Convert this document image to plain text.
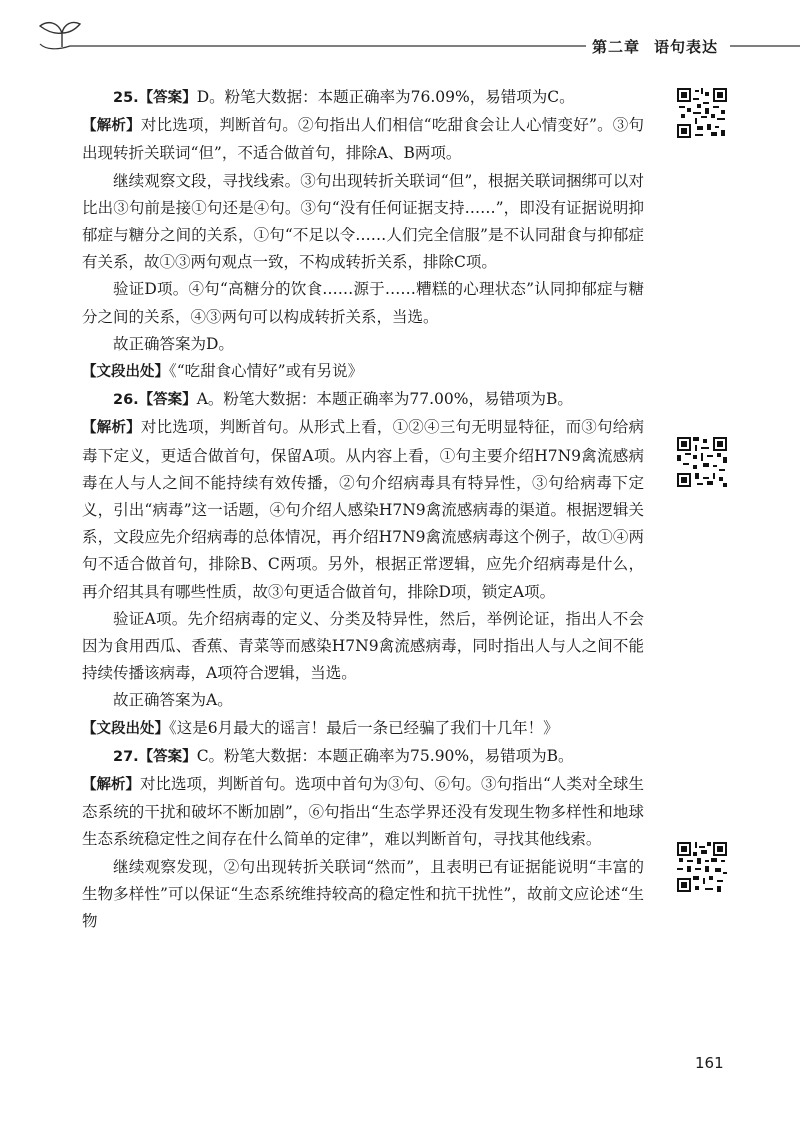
第二章 语句表达

25.【答案】D。粉笔大数据：本题正确率为76.09%，易错项为C。

【解析】对比选项，判断首句。②句指出人们相信“吃甜食会让人心情变好”。③句出现转折关联词“但”，不适合做首句，排除A、B两项。

继续观察文段，寻找线索。③句出现转折关联词“但”，根据关联词捆绑可以对比出③句前是接①句还是④句。③句“没有任何证据支持……”，即没有证据说明抑郁症与糖分之间的关系，①句“不足以令……人们完全信服”是不认同甜食与抑郁症有关系，故①③两句观点一致，不构成转折关系，排除C项。

验证D项。④句“高糖分的饮食……源于……糟糕的心理状态”认同抑郁症与糖分之间的关系，④③两句可以构成转折关系，当选。

故正确答案为D。

【文段出处】《“吃甜食心情好”或有另说》

26.【答案】A。粉笔大数据：本题正确率为77.00%，易错项为B。

【解析】对比选项，判断首句。从形式上看，①②④三句无明显特征，而③句给病毒下定义，更适合做首句，保留A项。从内容上看，①句主要介绍H7N9禽流感病毒在人与人之间不能持续有效传播，②句介绍病毒具有特异性，③句给病毒下定义，引出“病毒”这一话题，④句介绍人感染H7N9禽流感病毒的渠道。根据逻辑关系，文段应先介绍病毒的总体情况，再介绍H7N9禽流感病毒这个例子，故①④两句不适合做首句，排除B、C两项。另外，根据正常逻辑，应先介绍病毒是什么，再介绍其具有哪些性质，故③句更适合做首句，排除D项，锁定A项。

验证A项。先介绍病毒的定义、分类及特异性，然后，举例论证，指出人不会因为食用西瓜、香蕉、青菜等而感染H7N9禽流感病毒，同时指出人与人之间不能持续传播该病毒，A项符合逻辑，当选。

故正确答案为A。

【文段出处】《这是6月最大的谣言！最后一条已经骗了我们十几年！》

27.【答案】C。粉笔大数据：本题正确率为75.90%，易错项为B。

【解析】对比选项，判断首句。选项中首句为③句、⑥句。③句指出“人类对全球生态系统的干扰和破坏不断加剧”，⑥句指出“生态学界还没有发现生物多样性和地球生态系统稳定性之间存在什么简单的定律”，难以判断首句，寻找其他线索。

继续观察发现，②句出现转折关联词“然而”，且表明已有证据能说明“丰富的生物多样性”可以保证“生态系统维持较高的稳定性和抗干扰性”，故前文应论述“生物

161
